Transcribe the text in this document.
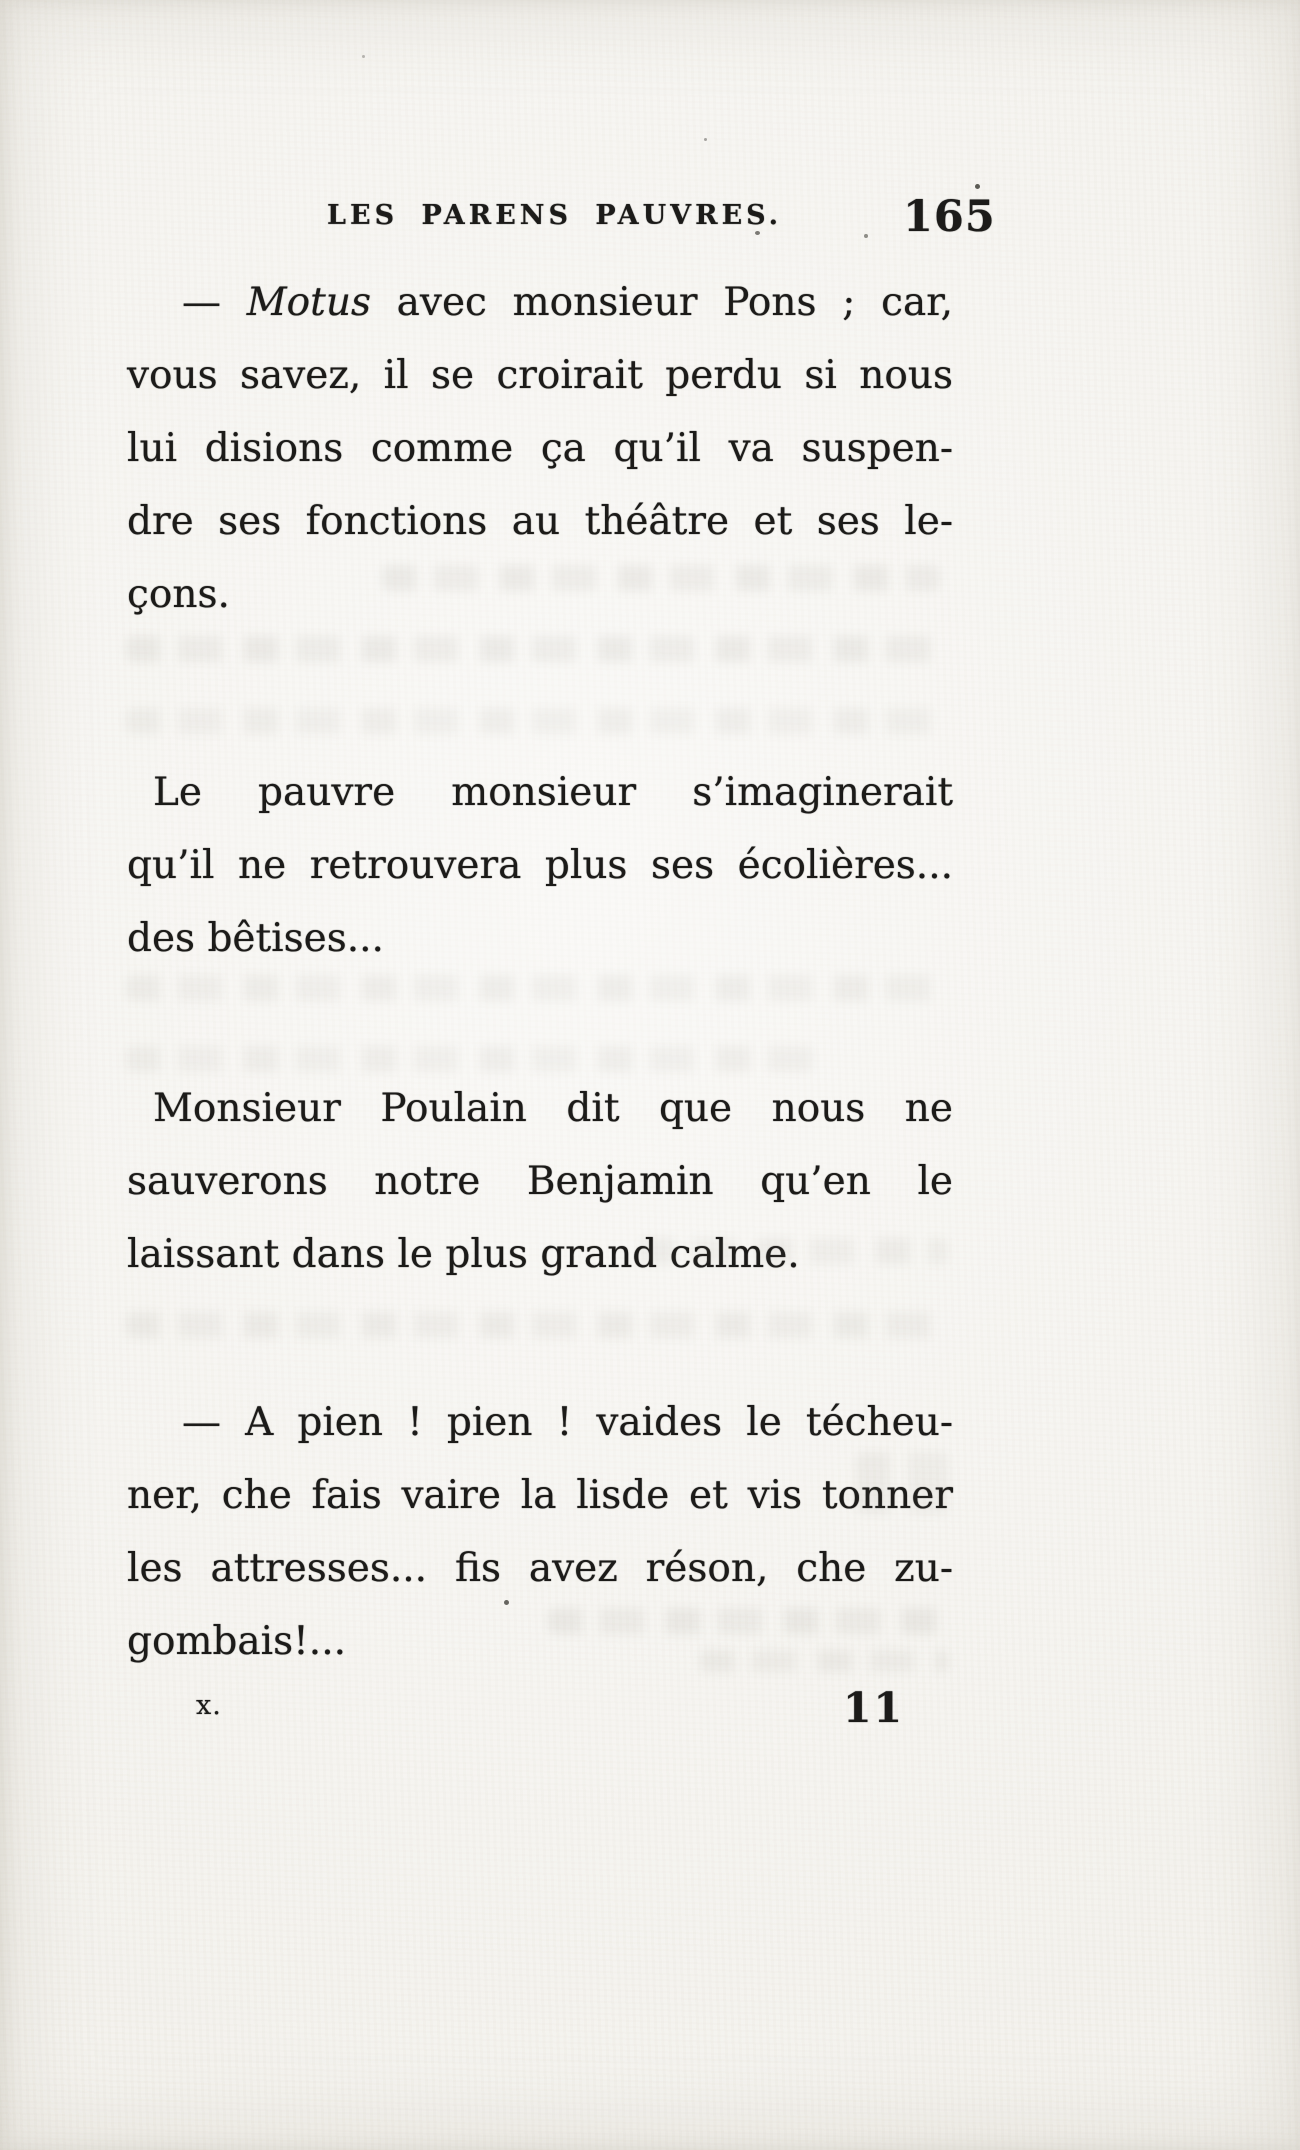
LES PARENS PAUVRES.	165
— Motus avec monsieur Pons ; car,
vous savez, il se croirait perdu si nous
lui disions comme ça qu’il va suspen-
dre ses fonctions au théâtre et ses le-
çons.
Le pauvre monsieur s’imaginerait
qu’il ne retrouvera plus ses écolières...
des bêtises...
Monsieur Poulain dit que nous ne
sauverons notre Benjamin qu’en le
laissant dans le plus grand calme.
— A pien ! pien ! vaides le técheu-
ner, che fais vaire la lisde et vis tonner
les attresses... fis avez réson, che zu-
gombais!...
x.	11
